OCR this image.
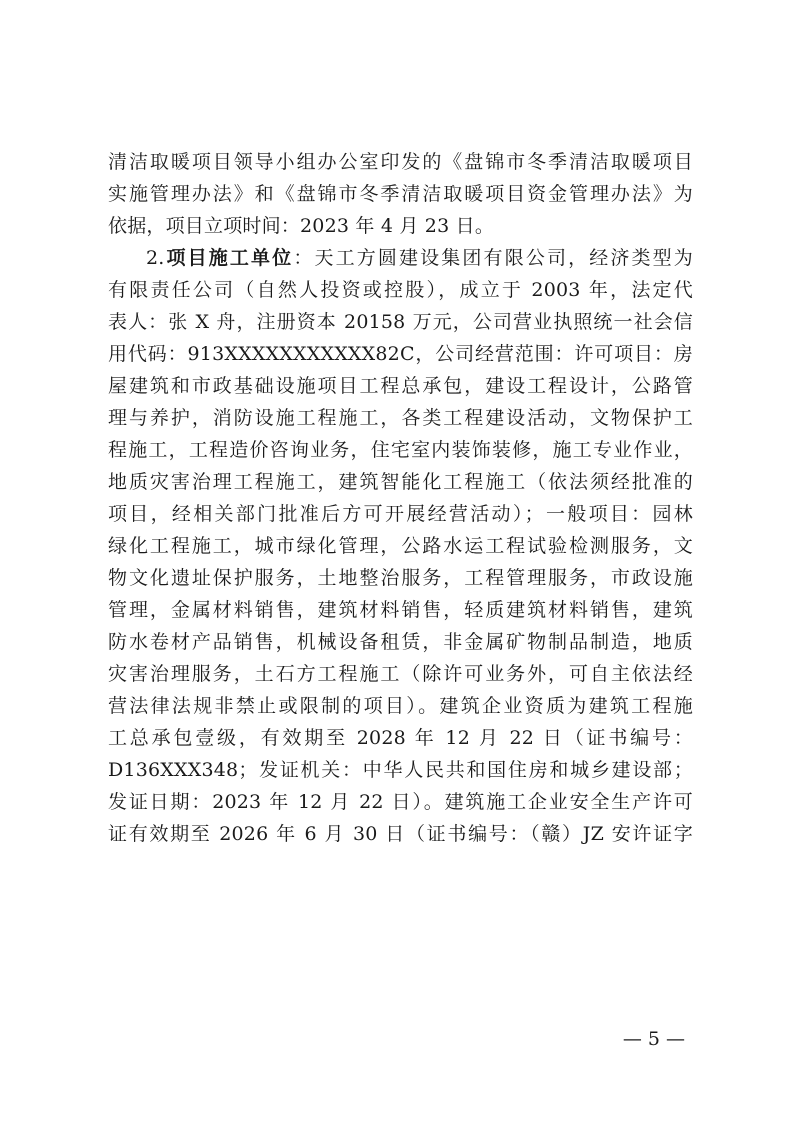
清洁取暖项目领导小组办公室印发的《盘锦市冬季清洁取暖项目
实施管理办法》和《盘锦市冬季清洁取暖项目资金管理办法》为
依据，项目立项时间：2023 年 4 月 23 日。
2.项目施工单位：天工方圆建设集团有限公司，经济类型为
有限责任公司（自然人投资或控股），成立于 2003 年，法定代
表人：张 X 舟，注册资本 20158 万元，公司营业执照统一社会信
用代码：913XXXXXXXXXXX82C，公司经营范围：许可项目：房
屋建筑和市政基础设施项目工程总承包，建设工程设计，公路管
理与养护，消防设施工程施工，各类工程建设活动，文物保护工
程施工，工程造价咨询业务，住宅室内装饰装修，施工专业作业，
地质灾害治理工程施工，建筑智能化工程施工（依法须经批准的
项目，经相关部门批准后方可开展经营活动）；一般项目：园林
绿化工程施工，城市绿化管理，公路水运工程试验检测服务，文
物文化遗址保护服务，土地整治服务，工程管理服务，市政设施
管理，金属材料销售，建筑材料销售，轻质建筑材料销售，建筑
防水卷材产品销售，机械设备租赁，非金属矿物制品制造，地质
灾害治理服务，土石方工程施工（除许可业务外，可自主依法经
营法律法规非禁止或限制的项目）。建筑企业资质为建筑工程施
工总承包壹级，有效期至 2028 年 12 月 22 日（证书编号：
D136XXX348；发证机关：中华人民共和国住房和城乡建设部；
发证日期：2023 年 12 月 22 日）。建筑施工企业安全生产许可
证有效期至 2026 年 6 月 30 日（证书编号：（赣）JZ 安许证字
— 5 —
